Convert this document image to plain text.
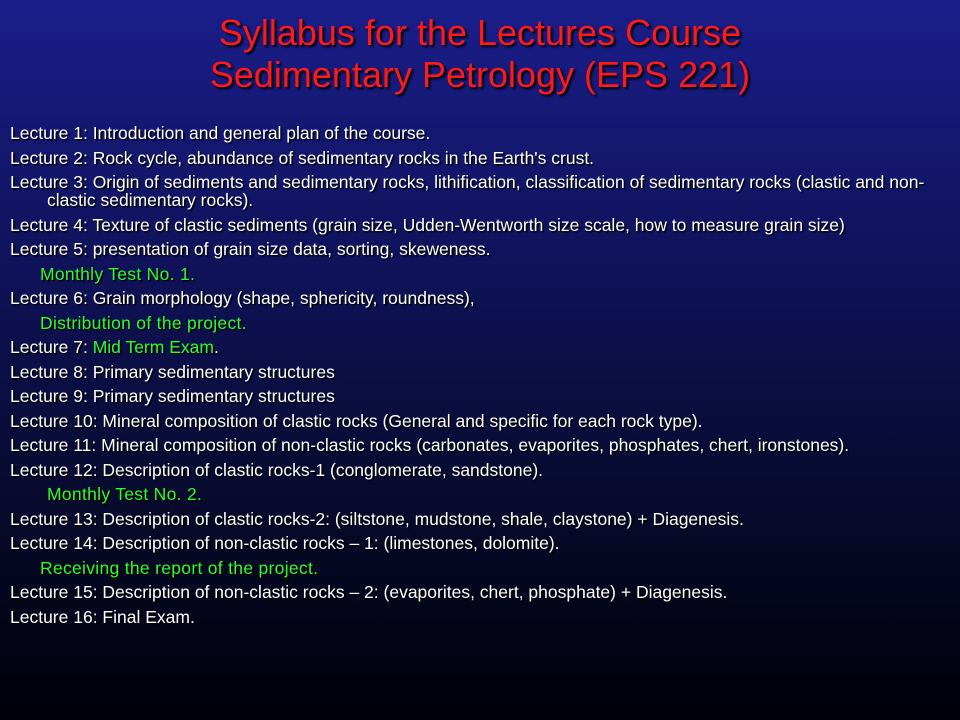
Syllabus for the Lectures Course
Sedimentary Petrology (EPS 221)
Lecture 1: Introduction and general plan of the course.
Lecture 2: Rock cycle, abundance of sedimentary rocks in the Earth's crust.
Lecture 3: Origin of sediments and sedimentary rocks, lithification, classification of sedimentary rocks (clastic and non-clastic sedimentary rocks).
Lecture 4: Texture of clastic sediments (grain size, Udden-Wentworth size scale, how to measure grain size)
Lecture 5: presentation of grain size data, sorting, skeweness.
Monthly Test No. 1.
Lecture 6: Grain morphology (shape, sphericity, roundness),
Distribution of the project.
Lecture 7: Mid Term Exam.
Lecture 8: Primary sedimentary structures
Lecture 9: Primary sedimentary structures
Lecture 10: Mineral composition of clastic rocks (General and specific for each rock type).
Lecture 11: Mineral composition of non-clastic rocks (carbonates, evaporites, phosphates, chert, ironstones).
Lecture 12: Description of clastic rocks-1 (conglomerate, sandstone).
Monthly Test No. 2.
Lecture 13: Description of clastic rocks-2: (siltstone, mudstone, shale, claystone) + Diagenesis.
Lecture 14: Description of non-clastic rocks – 1: (limestones, dolomite).
Receiving the report of the project.
Lecture 15: Description of non-clastic rocks – 2: (evaporites, chert, phosphate) + Diagenesis.
Lecture 16: Final Exam.
